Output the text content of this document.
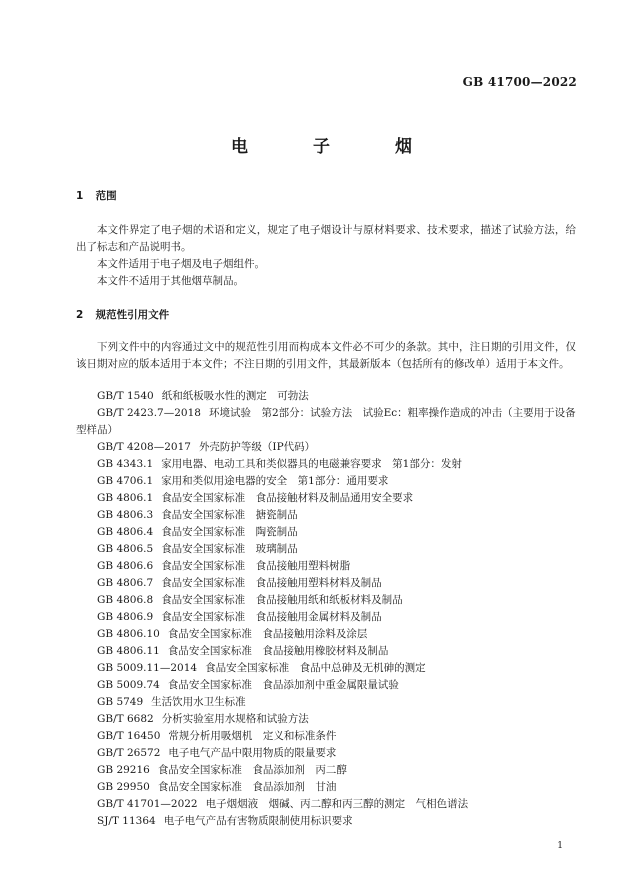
GB 41700—2022
电　子　烟
1 范围

本文件界定了电子烟的术语和定义，规定了电子烟设计与原材料要求、技术要求，描述了试验方法，给出了标志和产品说明书。

本文件适用于电子烟及电子烟组件。
本文件不适用于其他烟草制品。
2 规范性引用文件

下列文件中的内容通过文中的规范性引用而构成本文件必不可少的条款。其中，注日期的引用文件，仅该日期对应的版本适用于本文件；不注日期的引用文件，其最新版本（包括所有的修改单）适用于本文件。

GB/T 1540 纸和纸板吸水性的测定　可勃法
GB/T 2423.7—2018 环境试验　第2部分：试验方法　试验Ec：粗率操作造成的冲击（主要用于设备型样品）
GB/T 4208—2017 外壳防护等级（IP代码）
GB 4343.1 家用电器、电动工具和类似器具的电磁兼容要求　第1部分：发射
GB 4706.1 家用和类似用途电器的安全　第1部分：通用要求
GB 4806.1 食品安全国家标准　食品接触材料及制品通用安全要求
GB 4806.3 食品安全国家标准　搪瓷制品
GB 4806.4 食品安全国家标准　陶瓷制品
GB 4806.5 食品安全国家标准　玻璃制品
GB 4806.6 食品安全国家标准　食品接触用塑料树脂
GB 4806.7 食品安全国家标准　食品接触用塑料材料及制品
GB 4806.8 食品安全国家标准　食品接触用纸和纸板材料及制品
GB 4806.9 食品安全国家标准　食品接触用金属材料及制品
GB 4806.10 食品安全国家标准　食品接触用涂料及涂层
GB 4806.11 食品安全国家标准　食品接触用橡胶材料及制品
GB 5009.11—2014 食品安全国家标准　食品中总砷及无机砷的测定
GB 5009.74 食品安全国家标准　食品添加剂中重金属限量试验
GB 5749 生活饮用水卫生标准
GB/T 6682 分析实验室用水规格和试验方法
GB/T 16450 常规分析用吸烟机　定义和标准条件
GB/T 26572 电子电气产品中限用物质的限量要求
GB 29216 食品安全国家标准　食品添加剂　丙二醇
GB 29950 食品安全国家标准　食品添加剂　甘油
GB/T 41701—2022 电子烟烟液　烟碱、丙二醇和丙三醇的测定　气相色谱法
SJ/T 11364 电子电气产品有害物质限制使用标识要求
1
